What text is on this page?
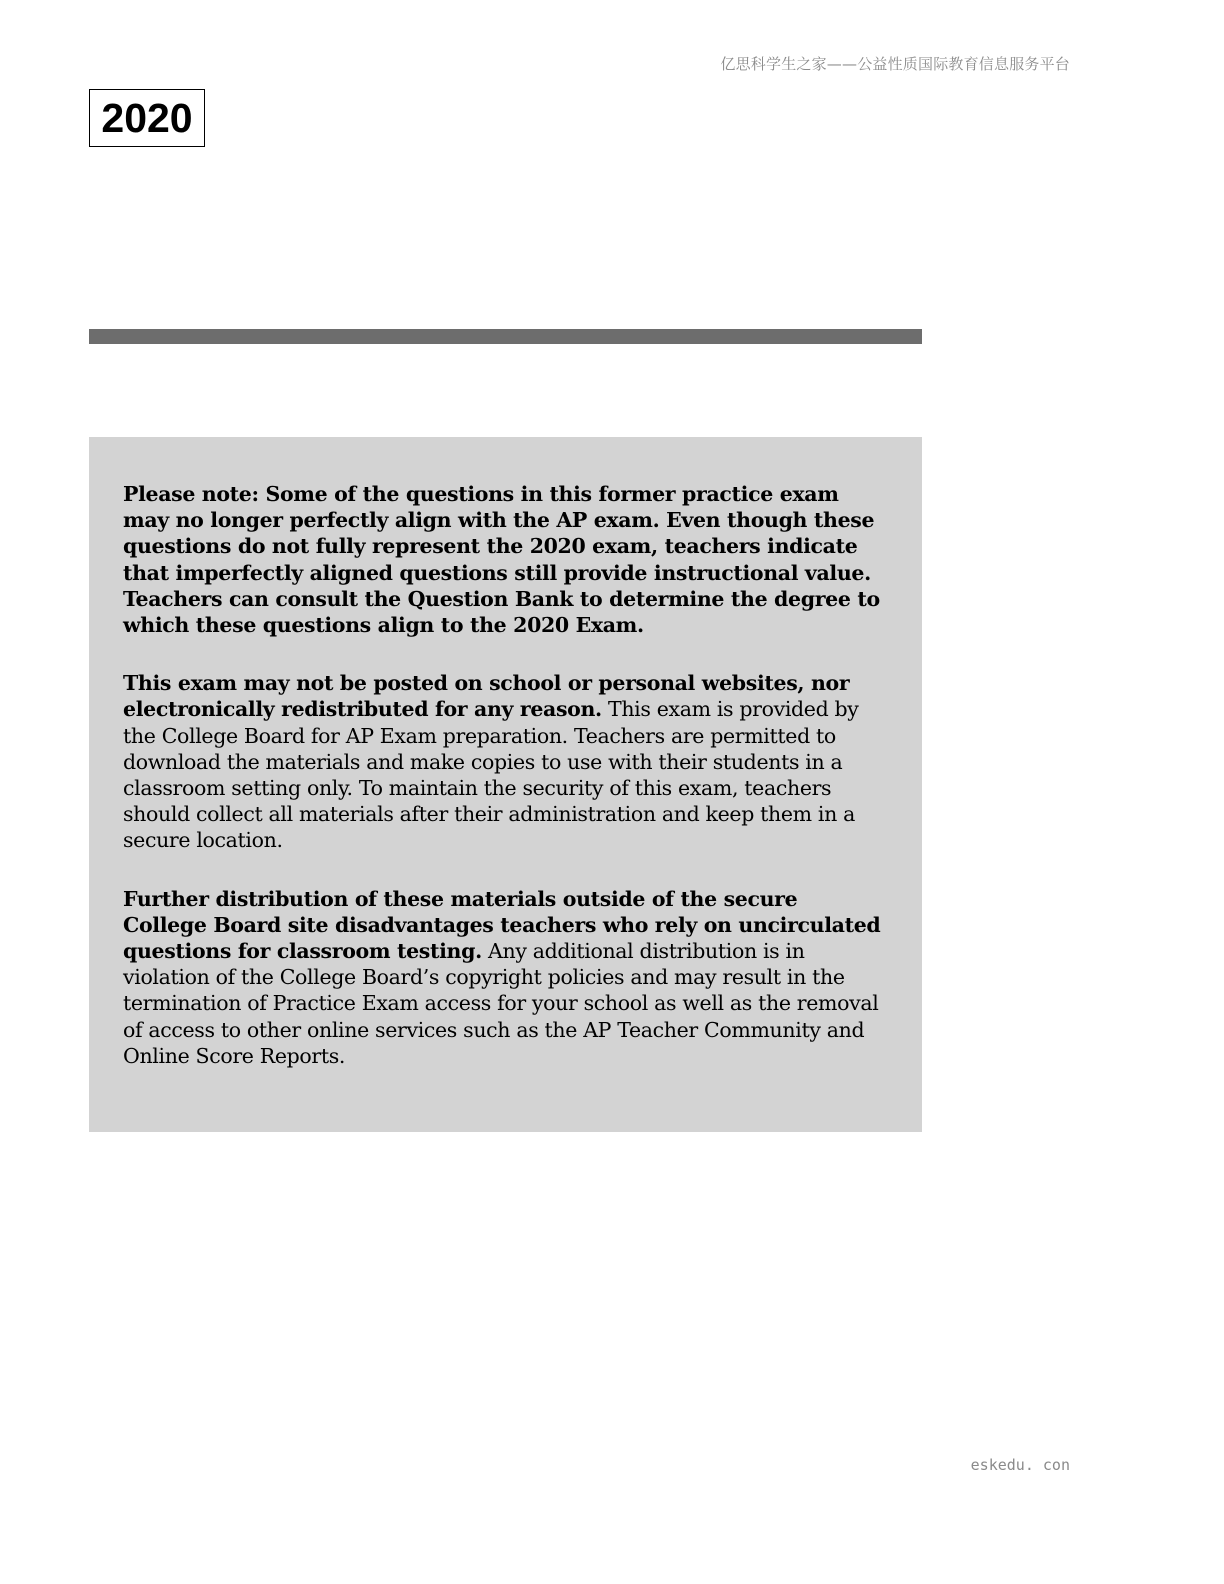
亿思科学生之家——公益性质国际教育信息服务平台
2020

Please note: Some of the questions in this former practice exam may no longer perfectly align with the AP exam. Even though these questions do not fully represent the 2020 exam, teachers indicate that imperfectly aligned questions still provide instructional value. Teachers can consult the Question Bank to determine the degree to which these questions align to the 2020 Exam.

This exam may not be posted on school or personal websites, nor electronically redistributed for any reason. This exam is provided by the College Board for AP Exam preparation. Teachers are permitted to download the materials and make copies to use with their students in a classroom setting only. To maintain the security of this exam, teachers should collect all materials after their administration and keep them in a secure location.

Further distribution of these materials outside of the secure College Board site disadvantages teachers who rely on uncirculated questions for classroom testing. Any additional distribution is in violation of the College Board’s copyright policies and may result in the termination of Practice Exam access for your school as well as the removal of access to other online services such as the AP Teacher Community and Online Score Reports.

eskedu. con
